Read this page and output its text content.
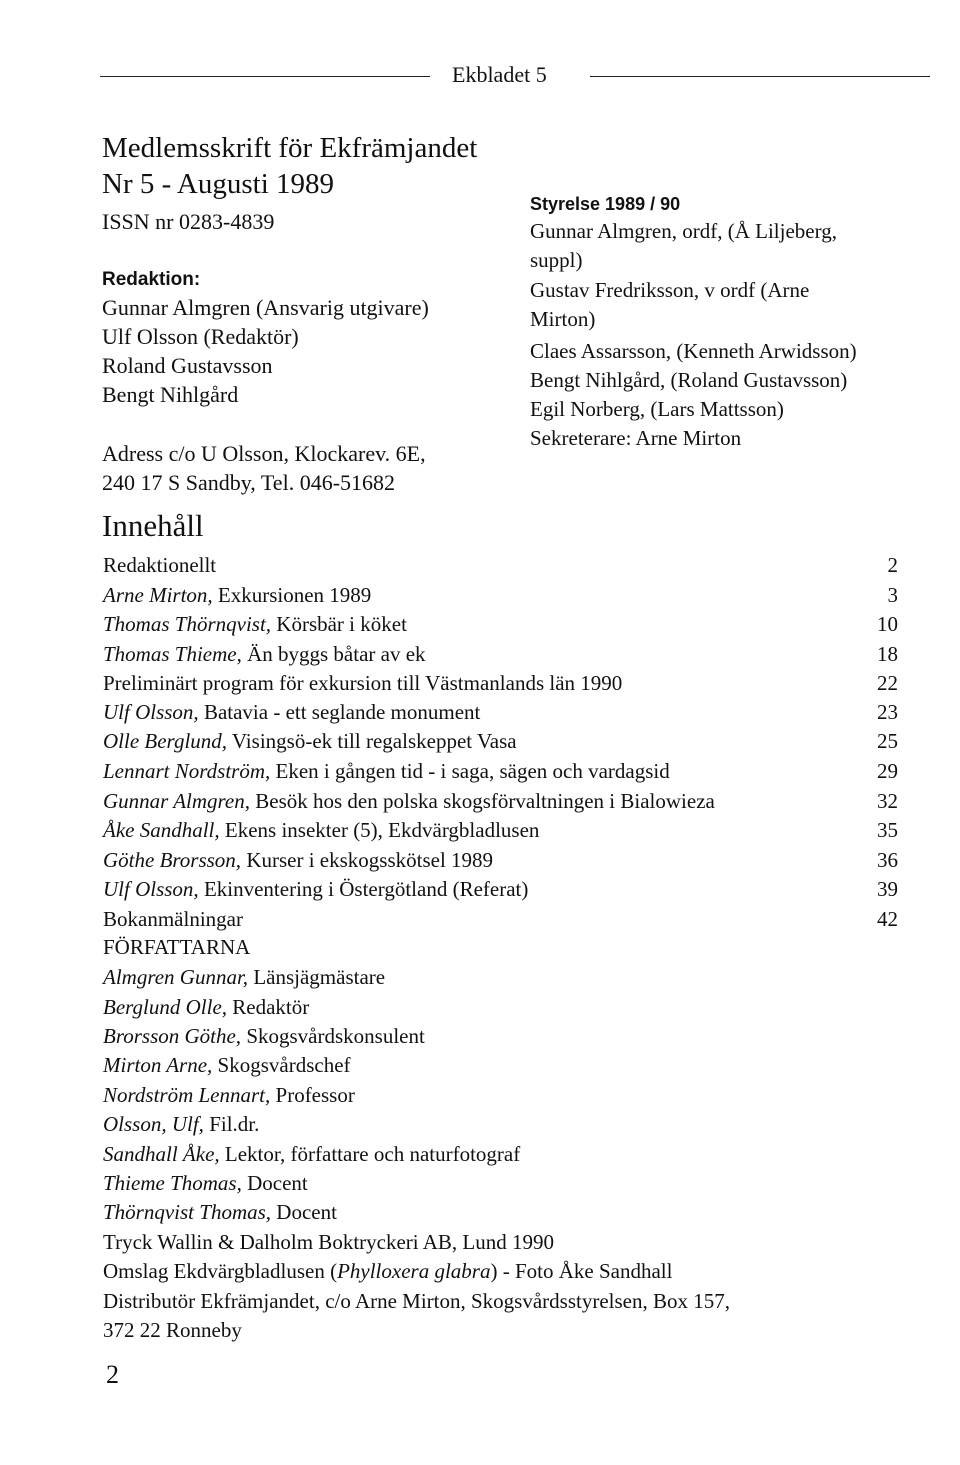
Ekbladet 5
Medlemsskrift för Ekfrämjandet
Nr 5 - Augusti 1989
ISSN nr 0283-4839
Redaktion:
Gunnar Almgren (Ansvarig utgivare)
Ulf Olsson (Redaktör)
Roland Gustavsson
Bengt Nihlgård
Adress c/o U Olsson, Klockarev. 6E,
240 17 S Sandby, Tel. 046-51682
Styrelse 1989 / 90
Gunnar Almgren, ordf, (Å Liljeberg,
suppl)
Gustav Fredriksson, v ordf (Arne
Mirton)
Claes Assarsson, (Kenneth Arwidsson)
Bengt Nihlgård, (Roland Gustavsson)
Egil Norberg, (Lars Mattsson)
Sekreterare: Arne Mirton
Innehåll
Redaktionellt	2
Arne Mirton, Exkursionen 1989	3
Thomas Thörnqvist, Körsbär i köket	10
Thomas Thieme, Än byggs båtar av ek	18
Preliminärt program för exkursion till Västmanlands län 1990	22
Ulf Olsson, Batavia - ett seglande monument	23
Olle Berglund, Visingsö-ek till regalskeppet Vasa	25
Lennart Nordström, Eken i gången tid - i saga, sägen och vardagsid	29
Gunnar Almgren, Besök hos den polska skogsförvaltningen i Bialowieza	32
Åke Sandhall, Ekens insekter (5), Ekdvärgbladlusen	35
Göthe Brorsson, Kurser i ekskogsskötsel 1989	36
Ulf Olsson, Ekinventering i Östergötland (Referat)	39
Bokanmälningar	42
FÖRFATTARNA
Almgren Gunnar, Länsjägmästare
Berglund Olle, Redaktör
Brorsson Göthe, Skogsvårdskonsulent
Mirton Arne, Skogsvårdschef
Nordström Lennart, Professor
Olsson, Ulf, Fil.dr.
Sandhall Åke, Lektor, författare och naturfotograf
Thieme Thomas, Docent
Thörnqvist Thomas, Docent
Tryck Wallin & Dalholm Boktryckeri AB, Lund 1990
Omslag Ekdvärgbladlusen (Phylloxera glabra) - Foto Åke Sandhall
Distributör Ekfrämjandet, c/o Arne Mirton, Skogsvårdsstyrelsen, Box 157,
372 22 Ronneby
2
